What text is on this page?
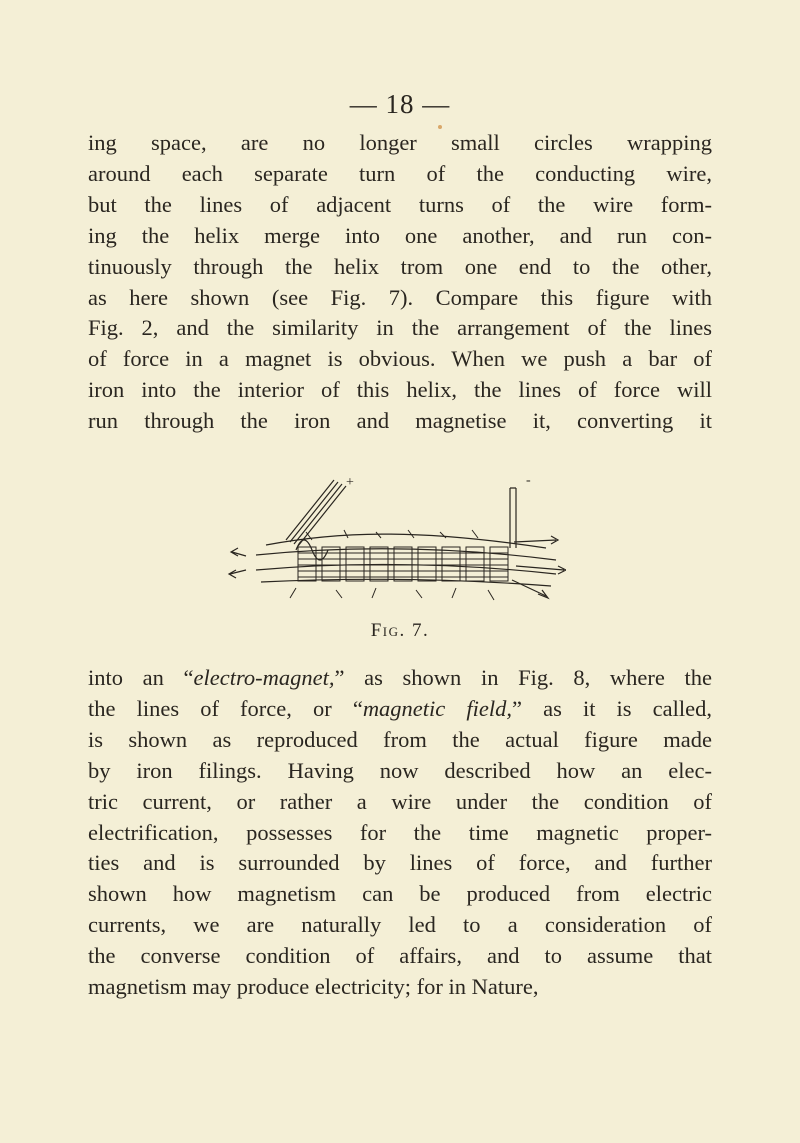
— 18 —
ing space, are no longer small circles wrapping
around each separate turn of the conducting wire,
but the lines of adjacent turns of the wire form-
ing the helix merge into one another, and run con-
tinuously through the helix trom one end to the other,
as here shown (see Fig. 7). Compare this figure with
Fig. 2, and the similarity in the arrangement of the lines
of force in a magnet is obvious. When we push a bar of
iron into the interior of this helix, the lines of force will
run through the iron and magnetise it, converting it
+	-
Fig. 7.
into an “electro-magnet,” as shown in Fig. 8, where the
the lines of force, or “magnetic field,” as it is called,
is shown as reproduced from the actual figure made
by iron filings. Having now described how an elec-
tric current, or rather a wire under the condition of
electrification, possesses for the time magnetic proper-
ties and is surrounded by lines of force, and further
shown how magnetism can be produced from electric
currents, we are naturally led to a consideration of
the converse condition of affairs, and to assume that
magnetism may produce electricity; for in Nature,
